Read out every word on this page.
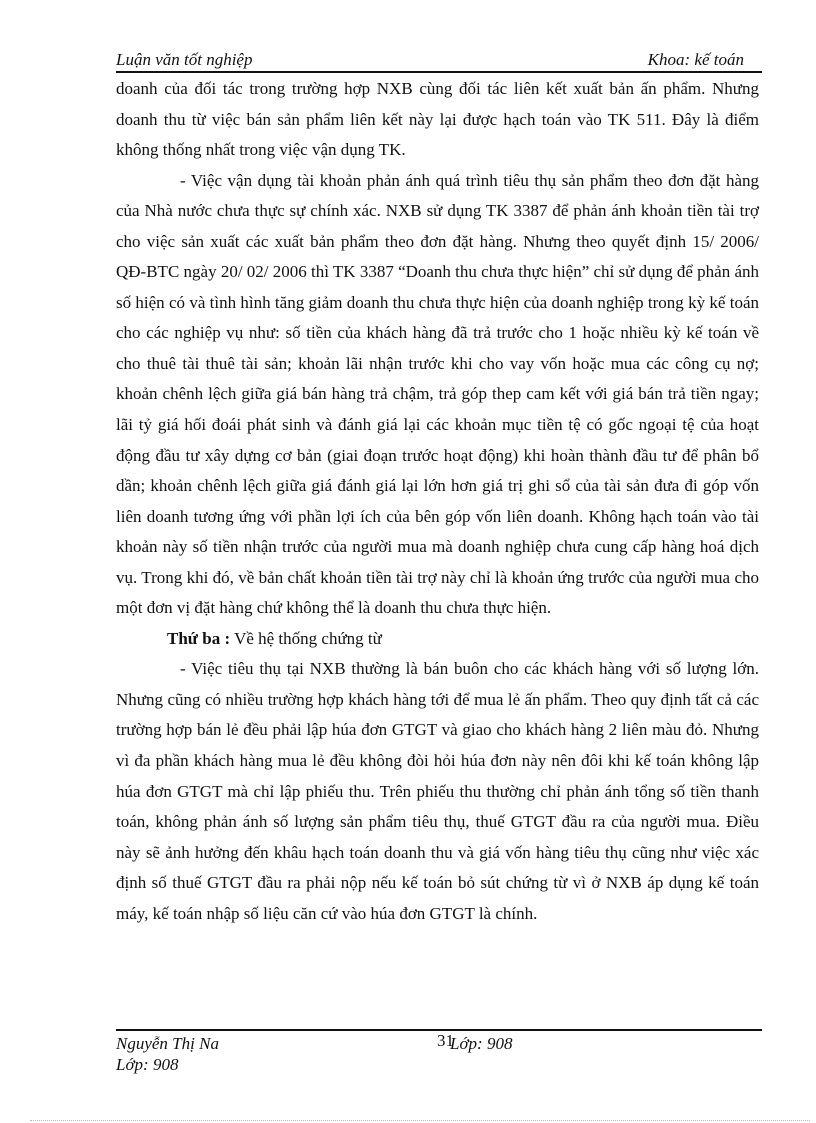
Luận văn tốt nghiệp	Khoa: kế toán

doanh của đối tác trong trường hợp NXB cùng đối tác liên kết xuất bản ấn phẩm. Nhưng doanh thu từ việc bán sản phẩm liên kết này lại được hạch toán vào TK 511. Đây là điểm không thống nhất trong việc vận dụng TK.

- Việc vận dụng tài khoản phản ánh quá trình tiêu thụ sản phẩm theo đơn đặt hàng của Nhà nước chưa thực sự chính xác. NXB sử dụng TK 3387 để phản ánh khoản tiền tài trợ cho việc sản xuất các xuất bản phẩm theo đơn đặt hàng. Nhưng theo quyết định 15/ 2006/ QĐ-BTC ngày 20/ 02/ 2006 thì TK 3387 “Doanh thu chưa thực hiện” chỉ sử dụng để phản ánh số hiện có và tình hình tăng giảm doanh thu chưa thực hiện của doanh nghiệp trong kỳ kế toán cho các nghiệp vụ như: số tiền của khách hàng đã trả trước cho 1 hoặc nhiều kỳ kế toán về cho thuê tài thuê tài sản; khoản lãi nhận trước khi cho vay vốn hoặc mua các công cụ nợ; khoản chênh lệch giữa giá bán hàng trả chậm, trả góp thep cam kết với giá bán trả tiền ngay; lãi tỷ giá hối đoái phát sinh và đánh giá lại các khoản mục tiền tệ có gốc ngoại tệ của hoạt động đầu tư xây dựng cơ bản (giai đoạn trước hoạt động) khi hoàn thành đầu tư để phân bổ dần; khoản chênh lệch giữa giá đánh giá lại lớn hơn giá trị ghi sổ của tài sản đưa đi góp vốn liên doanh tương ứng với phần lợi ích của bên góp vốn liên doanh. Không hạch toán vào tài khoản này số tiền nhận trước của người mua mà doanh nghiệp chưa cung cấp hàng hoá dịch vụ. Trong khi đó, về bản chất khoản tiền tài trợ này chỉ là khoản ứng trước của người mua cho một đơn vị đặt hàng chứ không thể là doanh thu chưa thực hiện.

Thứ ba : Về hệ thống chứng từ

- Việc tiêu thụ tại NXB thường là bán buôn cho các khách hàng với số lượng lớn. Nhưng cũng có nhiều trường hợp khách hàng tới để mua lẻ ấn phẩm. Theo quy định tất cả các trường hợp bán lẻ đều phải lập húa đơn GTGT và giao cho khách hàng 2 liên màu đỏ. Nhưng vì đa phần khách hàng mua lẻ đều không đòi hỏi húa đơn này nên đôi khi kế toán không lập húa đơn GTGT mà chỉ lập phiếu thu. Trên phiếu thu thường chỉ phản ánh tổng số tiền thanh toán, không phản ánh số lượng sản phẩm tiêu thụ, thuế GTGT đầu ra của người mua. Điều này sẽ ảnh hưởng đến khâu hạch toán doanh thu và giá vốn hàng tiêu thụ cũng như việc xác định số thuế GTGT đầu ra phải nộp nếu kế toán bỏ sút chứng từ vì ở NXB áp dụng kế toán máy, kế toán nhập số liệu căn cứ vào húa đơn GTGT là chính.

Nguyễn Thị Na	31
Lớp: 908
Lớp: 908
